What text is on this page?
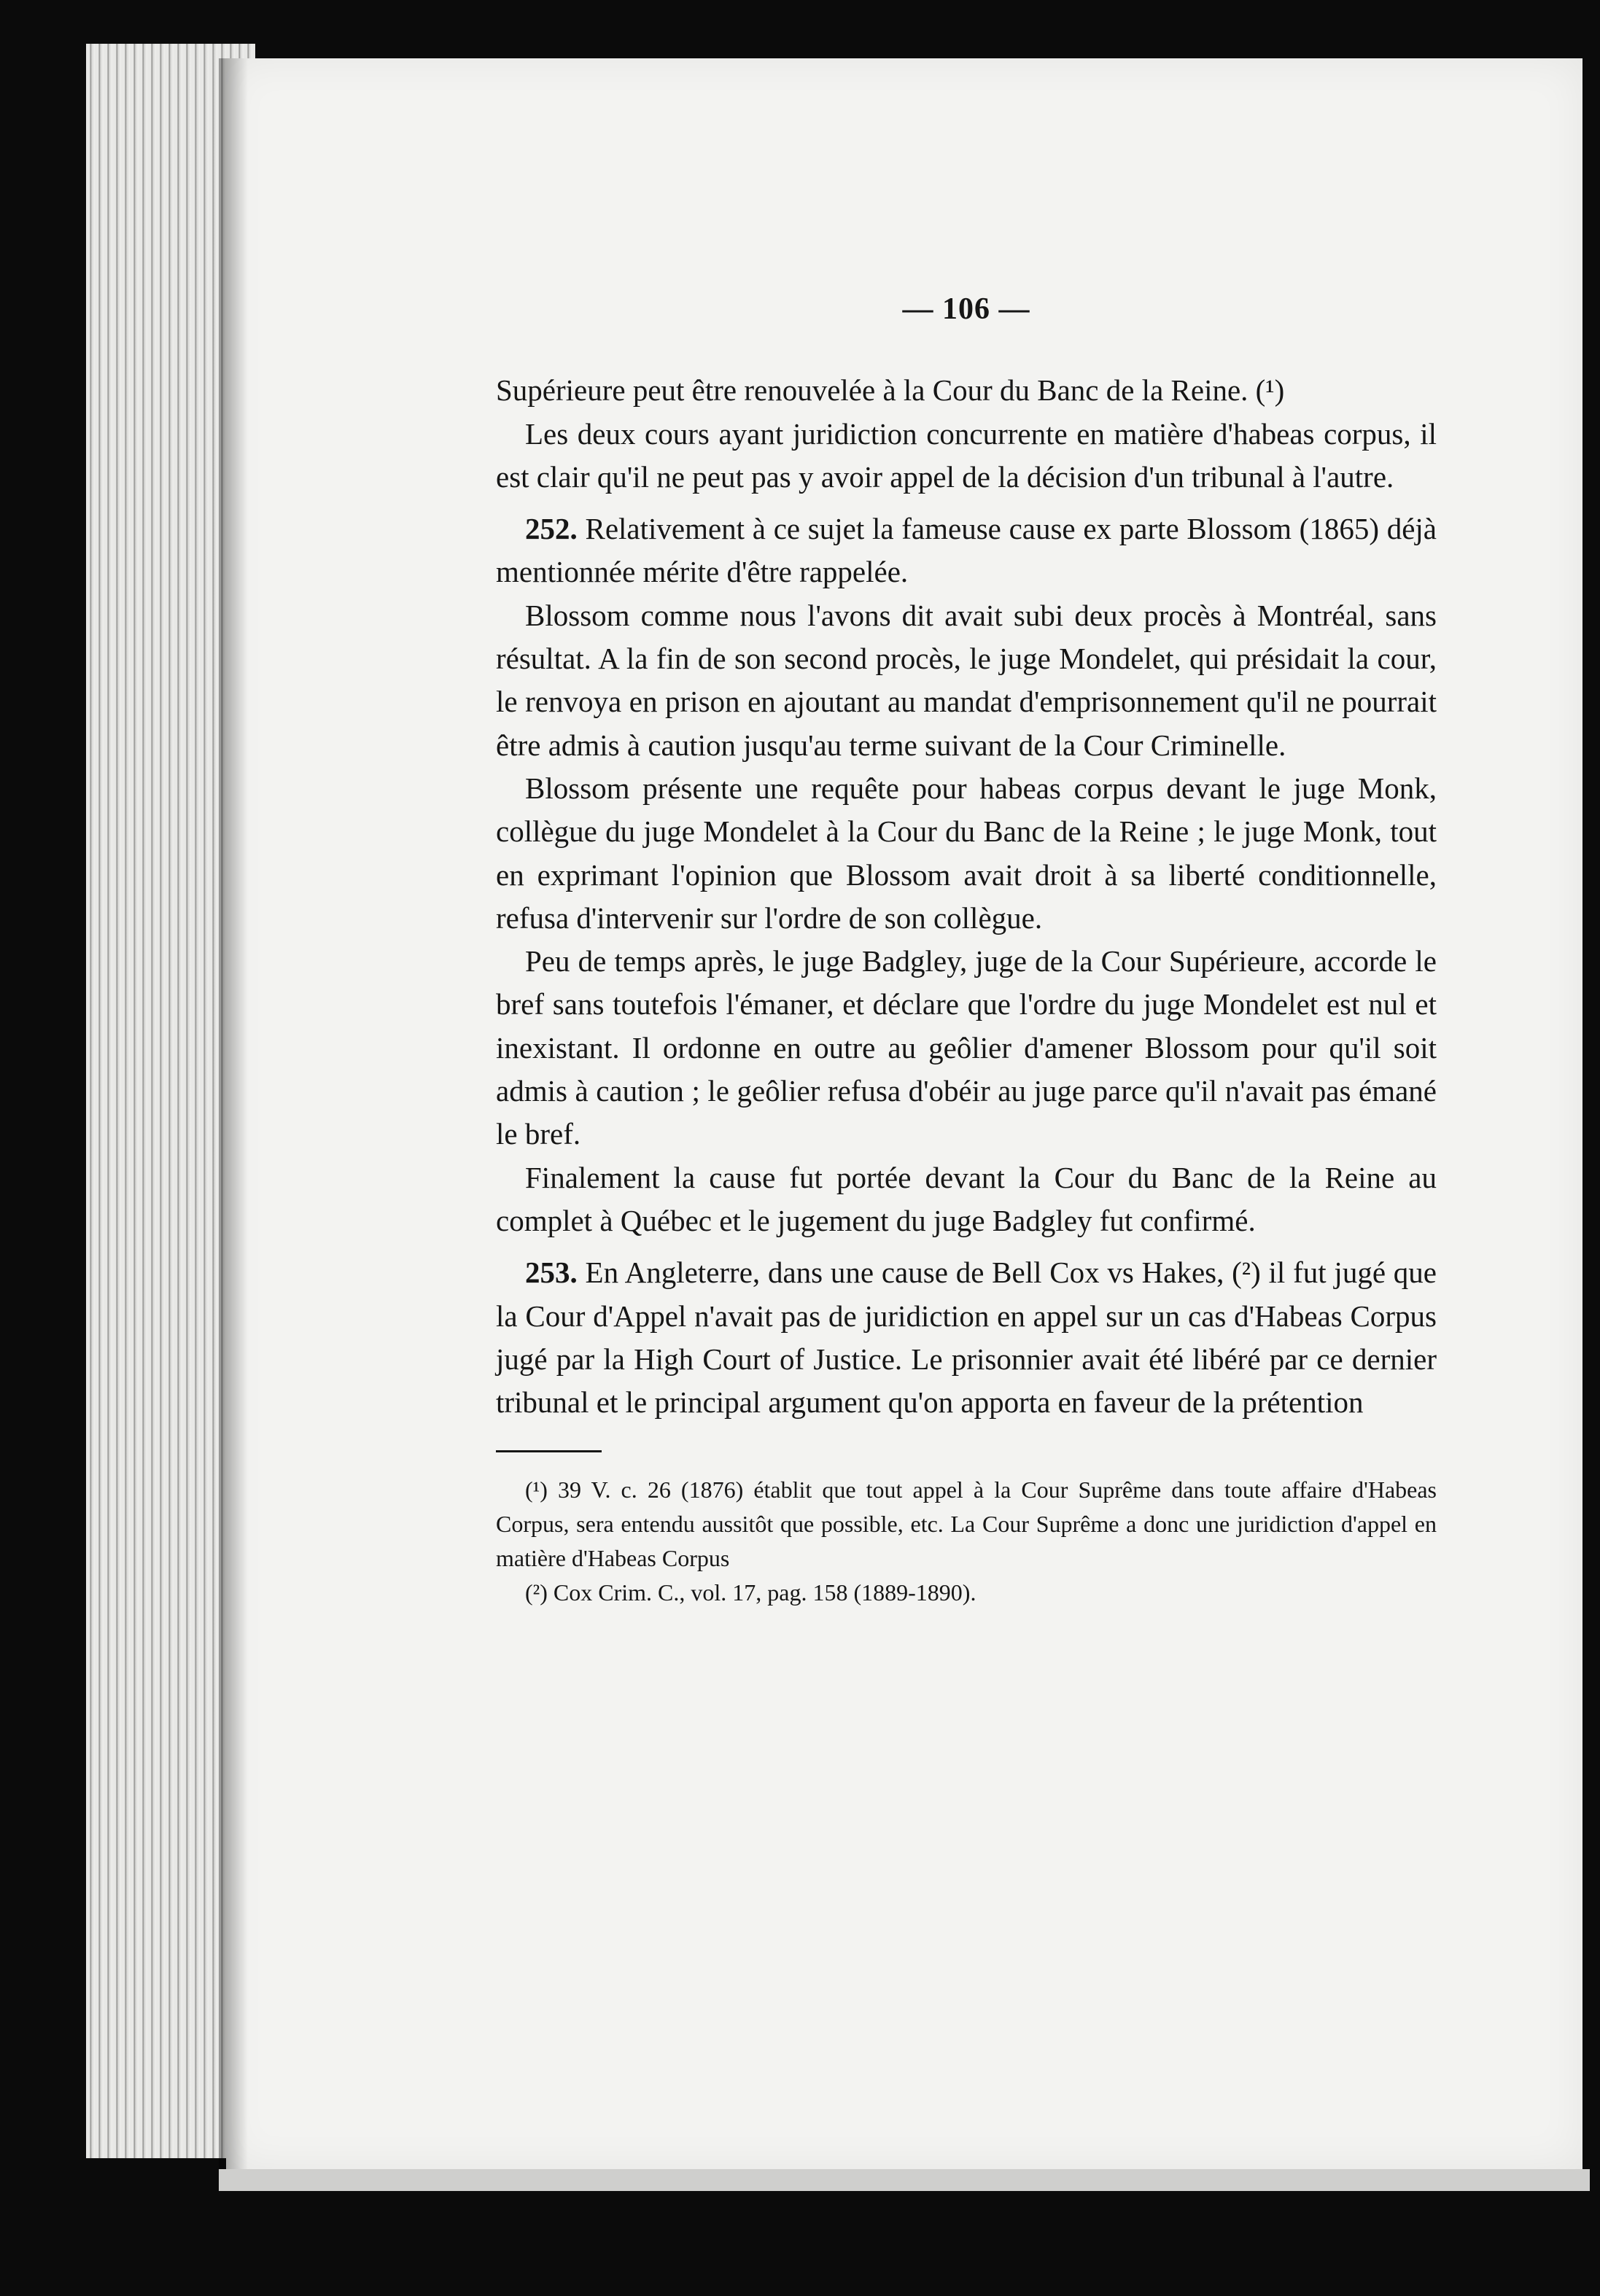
— 106 —

Supérieure peut être renouvelée à la Cour du Banc de la Reine. (¹)

Les deux cours ayant juridiction concurrente en matière d'habeas corpus, il est clair qu'il ne peut pas y avoir appel de la décision d'un tribunal à l'autre.

252. Relativement à ce sujet la fameuse cause ex parte Blossom (1865) déjà mentionnée mérite d'être rappelée.

Blossom comme nous l'avons dit avait subi deux procès à Montréal, sans résultat. A la fin de son second procès, le juge Mondelet, qui présidait la cour, le renvoya en prison en ajoutant au mandat d'emprisonnement qu'il ne pourrait être admis à caution jusqu'au terme suivant de la Cour Criminelle.

Blossom présente une requête pour habeas corpus devant le juge Monk, collègue du juge Mondelet à la Cour du Banc de la Reine ; le juge Monk, tout en exprimant l'opinion que Blossom avait droit à sa liberté conditionnelle, refusa d'intervenir sur l'ordre de son collègue.

Peu de temps après, le juge Badgley, juge de la Cour Supérieure, accorde le bref sans toutefois l'émaner, et déclare que l'ordre du juge Mondelet est nul et inexistant. Il ordonne en outre au geôlier d'amener Blossom pour qu'il soit admis à caution ; le geôlier refusa d'obéir au juge parce qu'il n'avait pas émané le bref.

Finalement la cause fut portée devant la Cour du Banc de la Reine au complet à Québec et le jugement du juge Badgley fut confirmé.

253. En Angleterre, dans une cause de Bell Cox vs Hakes, (²) il fut jugé que la Cour d'Appel n'avait pas de juridiction en appel sur un cas d'Habeas Corpus jugé par la High Court of Justice. Le prisonnier avait été libéré par ce dernier tribunal et le principal argument qu'on apporta en faveur de la prétention

(¹) 39 V. c. 26 (1876) établit que tout appel à la Cour Suprême dans toute affaire d'Habeas Corpus, sera entendu aussitôt que possible, etc. La Cour Suprême a donc une juridiction d'appel en matière d'Habeas Corpus

(²) Cox Crim. C., vol. 17, pag. 158 (1889-1890).
